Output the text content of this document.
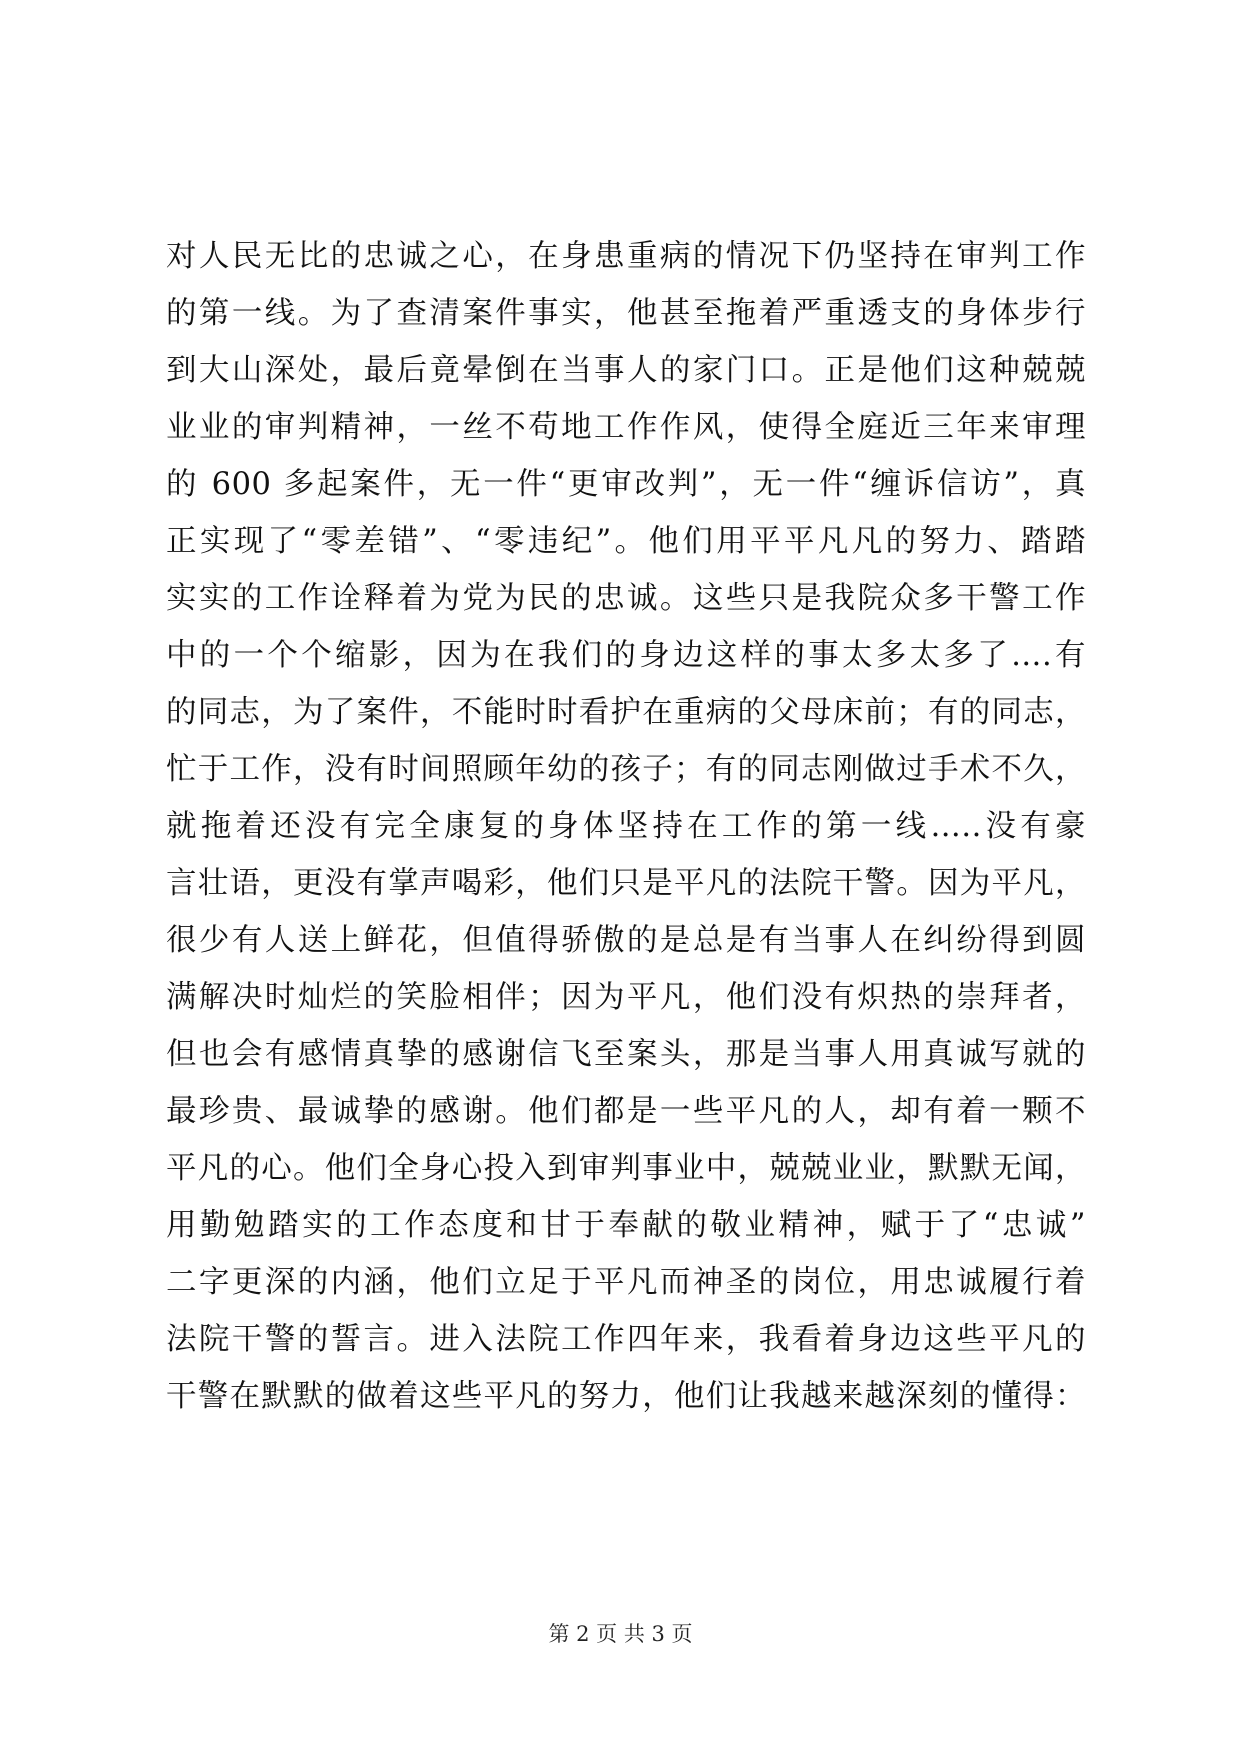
对人民无比的忠诚之心，在身患重病的情况下仍坚持在审判工作
的第一线。为了查清案件事实，他甚至拖着严重透支的身体步行
到大山深处，最后竟晕倒在当事人的家门口。正是他们这种兢兢
业业的审判精神，一丝不苟地工作作风，使得全庭近三年来审理
的 600 多起案件，无一件“更审改判”，无一件“缠诉信访”，真
正实现了“零差错”、“零违纪”。他们用平平凡凡的努力、踏踏
实实的工作诠释着为党为民的忠诚。这些只是我院众多干警工作
中的一个个缩影，因为在我们的身边这样的事太多太多了….有
的同志，为了案件，不能时时看护在重病的父母床前；有的同志，
忙于工作，没有时间照顾年幼的孩子；有的同志刚做过手术不久，
就拖着还没有完全康复的身体坚持在工作的第一线…..没有豪
言壮语，更没有掌声喝彩，他们只是平凡的法院干警。因为平凡，
很少有人送上鲜花，但值得骄傲的是总是有当事人在纠纷得到圆
满解决时灿烂的笑脸相伴；因为平凡，他们没有炽热的崇拜者，
但也会有感情真挚的感谢信飞至案头，那是当事人用真诚写就的
最珍贵、最诚挚的感谢。他们都是一些平凡的人，却有着一颗不
平凡的心。他们全身心投入到审判事业中，兢兢业业，默默无闻，
用勤勉踏实的工作态度和甘于奉献的敬业精神，赋于了“忠诚”
二字更深的内涵，他们立足于平凡而神圣的岗位，用忠诚履行着
法院干警的誓言。进入法院工作四年来，我看着身边这些平凡的
干警在默默的做着这些平凡的努力，他们让我越来越深刻的懂得：
第 2 页 共 3 页
